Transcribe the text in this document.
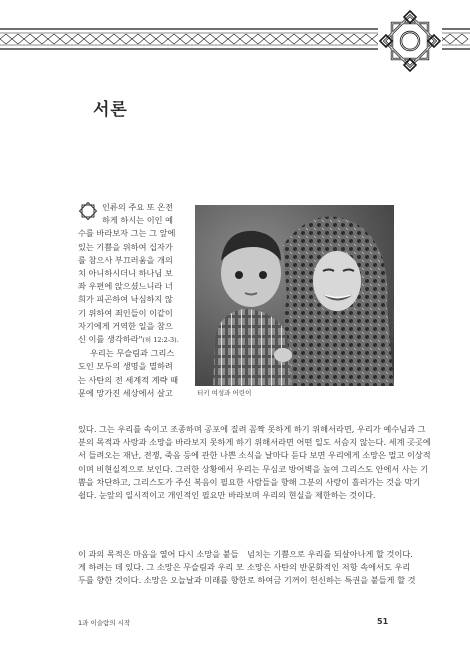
서론
인류의 주요 또 온전
하게 하시는 이인 예
수를 바라보자 그는 그 앞에
있는 기쁨을 위하여 십자가
를 참으사 부끄러움을 개의
치 아니하시더니 하나님 보
좌 우편에 앉으셨느니라 너
희가 피곤하여 낙심하지 않
기 위하여 죄인들이 이같이
자기에게 거역한 일을 참으
신 이를 생각하라"(히 12:2-3).
우리는 무슬림과 그리스
도인 모두의 생명을 멸하려
는 사탄의 전 세계적 계략 때
문에 망가진 세상에서 살고
© Parla Baidan
터키 여성과 어린이
있다. 그는 우리를 속이고 조종하며 공포에 질려 꼼짝 못하게 하기 위해서라면, 우리가 예수님과 그
분의 목적과 사랑과 소망을 바라보지 못하게 하기 위해서라면 어떤 일도 서슴지 않는다. 세계 곳곳에
서 들려오는 재난, 전쟁, 죽음 등에 관한 나쁜 소식을 날마다 듣다 보면 우리에게 소망은 멀고 이상적
이며 비현실적으로 보인다. 그러한 상황에서 우리는 무심코 방어벽을 높여 그리스도 안에서 사는 기
쁨을 차단하고, 그리스도가 주신 복음이 필요한 사람들을 향해 그분의 사랑이 흘러가는 것을 막기
쉽다. 눈앞의 일시적이고 개인적인 필요만 바라보며 우리의 현실을 제한하는 것이다.
이 과의 목적은 마음을 열어 다시 소망을 붙들
게 하려는 데 있다. 그 소망은 무슬림과 우리 모
두를 향한 것이다. 소망은 오늘날과 미래를 향한
넘치는 기쁨으로 우리를 되살아나게 할 것이다.
소망은 사탄의 반문화적인 저항 속에서도 우리
로 하여금 기꺼이 헌신하는 특권을 붙들게 할 것
1과 이슬람의 시작	51
